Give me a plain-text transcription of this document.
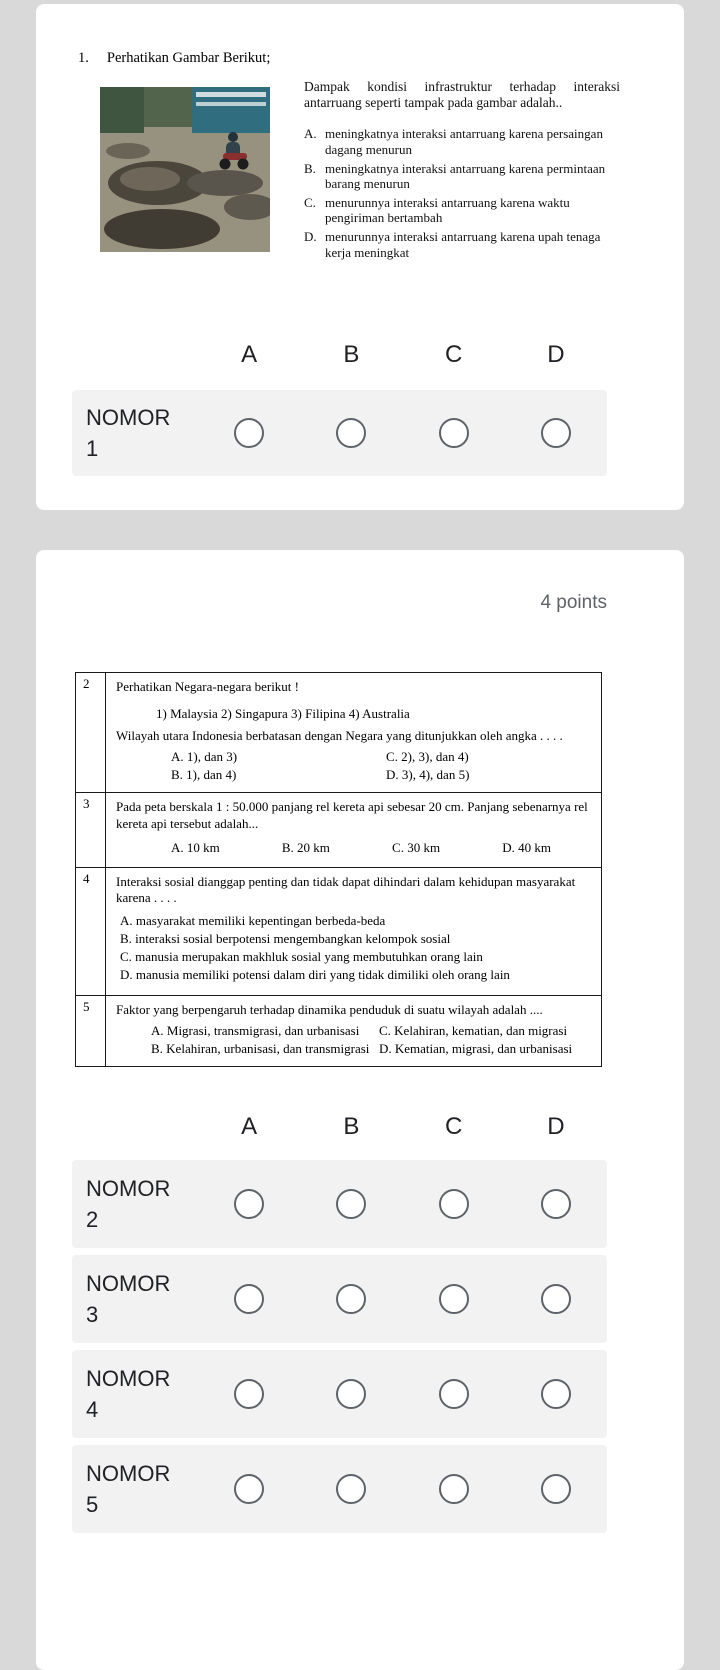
1. Perhatikan Gambar Berikut;

Dampak kondisi infrastruktur terhadap interaksi antarruang seperti tampak pada gambar adalah..

A. meningkatnya interaksi antarruang karena persaingan dagang menurun
B. meningkatnya interaksi antarruang karena permintaan barang menurun
C. menurunnya interaksi antarruang karena waktu pengiriman bertambah
D. menurunnya interaksi antarruang karena upah tenaga kerja meningkat
A	B	C	D
NOMOR
1
4 points
2	Perhatikan Negara-negara berikut !
1) Malaysia 2) Singapura 3) Filipina 4) Australia
Wilayah utara Indonesia berbatasan dengan Negara yang ditunjukkan oleh angka . . . .
A. 1), dan 3)
B. 1), dan 4)
C. 2), 3), dan 4)
D. 3), 4), dan 5)
3	Pada peta berskala 1 : 50.000 panjang rel kereta api sebesar 20 cm. Panjang sebenarnya rel kereta api tersebut adalah...
A. 10 km	B. 20 km	C. 30 km	D. 40 km
4	Interaksi sosial dianggap penting dan tidak dapat dihindari dalam kehidupan masyarakat karena . . . .
A. masyarakat memiliki kepentingan berbeda-beda
B. interaksi sosial berpotensi mengembangkan kelompok sosial
C. manusia merupakan makhluk sosial yang membutuhkan orang lain
D. manusia memiliki potensi dalam diri yang tidak dimiliki oleh orang lain
5	Faktor yang berpengaruh terhadap dinamika penduduk di suatu wilayah adalah ....
A. Migrasi, transmigrasi, dan urbanisasi
B. Kelahiran, urbanisasi, dan transmigrasi
C. Kelahiran, kematian, dan migrasi
D. Kematian, migrasi, dan urbanisasi
A	B	C	D
NOMOR
2
NOMOR
3
NOMOR
4
NOMOR
5
